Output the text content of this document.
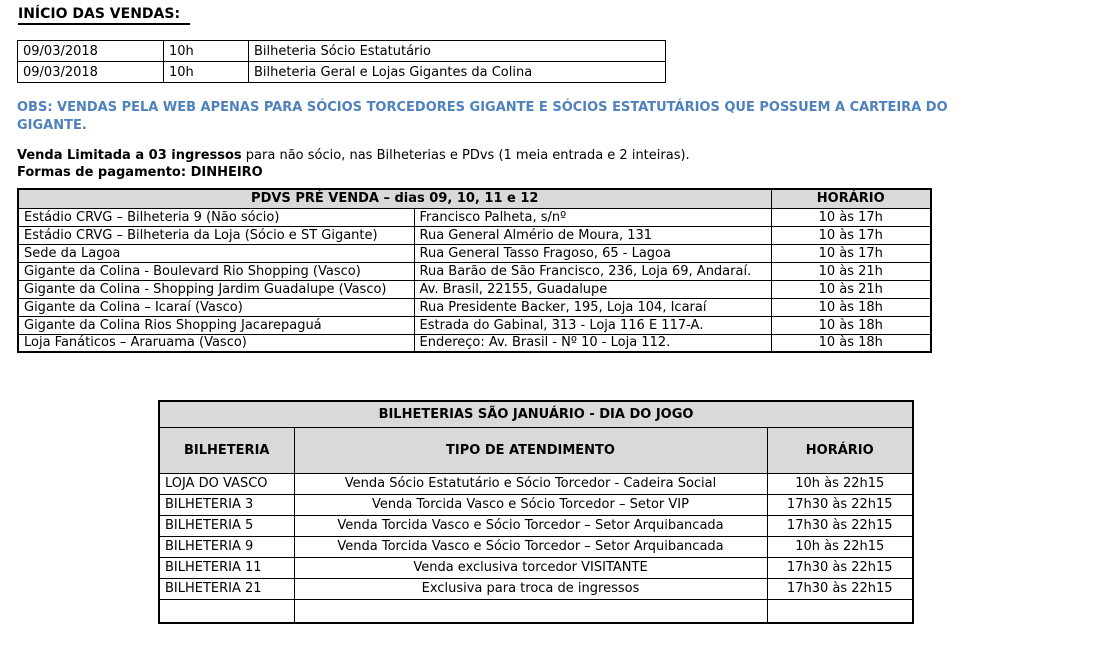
INÍCIO DAS VENDAS:
09/03/2018	10h	Bilheteria Sócio Estatutário
09/03/2018	10h	Bilheteria Geral e Lojas Gigantes da Colina
OBS: VENDAS PELA WEB APENAS PARA SÓCIOS TORCEDORES GIGANTE E SÓCIOS ESTATUTÁRIOS QUE POSSUEM A CARTEIRA DO
GIGANTE.
Venda Limitada a 03 ingressos para não sócio, nas Bilheterias e PDvs (1 meia entrada e 2 inteiras).
Formas de pagamento: DINHEIRO
PDVS PRÉ VENDA – dias 09, 10, 11 e 12		HORÁRIO
Estádio CRVG – Bilheteria 9 (Não sócio)	Francisco Palheta, s/nº	10 às 17h
Estádio CRVG – Bilheteria da Loja (Sócio e ST Gigante)	Rua General Almério de Moura, 131	10 às 17h
Sede da Lagoa	Rua General Tasso Fragoso, 65 - Lagoa	10 às 17h
Gigante da Colina - Boulevard Rio Shopping (Vasco)	Rua Barão de São Francisco, 236, Loja 69, Andaraí.	10 às 21h
Gigante da Colina - Shopping Jardim Guadalupe (Vasco)	Av. Brasil, 22155, Guadalupe	10 às 21h
Gigante da Colina – Icaraí (Vasco)	Rua Presidente Backer, 195, Loja 104, Icaraí	10 às 18h
Gigante da Colina Rios Shopping Jacarepaguá	Estrada do Gabinal, 313 - Loja 116 E 117-A.	10 às 18h
Loja Fanáticos – Araruama (Vasco)	Endereço: Av. Brasil - Nº 10 - Loja 112.	10 às 18h
BILHETERIAS SÃO JANUÁRIO - DIA DO JOGO		
BILHETERIA	TIPO DE ATENDIMENTO	HORÁRIO
LOJA DO VASCO	Venda Sócio Estatutário e Sócio Torcedor - Cadeira Social	10h às 22h15
BILHETERIA 3	Venda Torcida Vasco e Sócio Torcedor – Setor VIP	17h30 às 22h15
BILHETERIA 5	Venda Torcida Vasco e Sócio Torcedor – Setor Arquibancada	17h30 às 22h15
BILHETERIA 9	Venda Torcida Vasco e Sócio Torcedor – Setor Arquibancada	10h às 22h15
BILHETERIA 11	Venda exclusiva torcedor VISITANTE	17h30 às 22h15
BILHETERIA 21	Exclusiva para troca de ingressos	17h30 às 22h15
